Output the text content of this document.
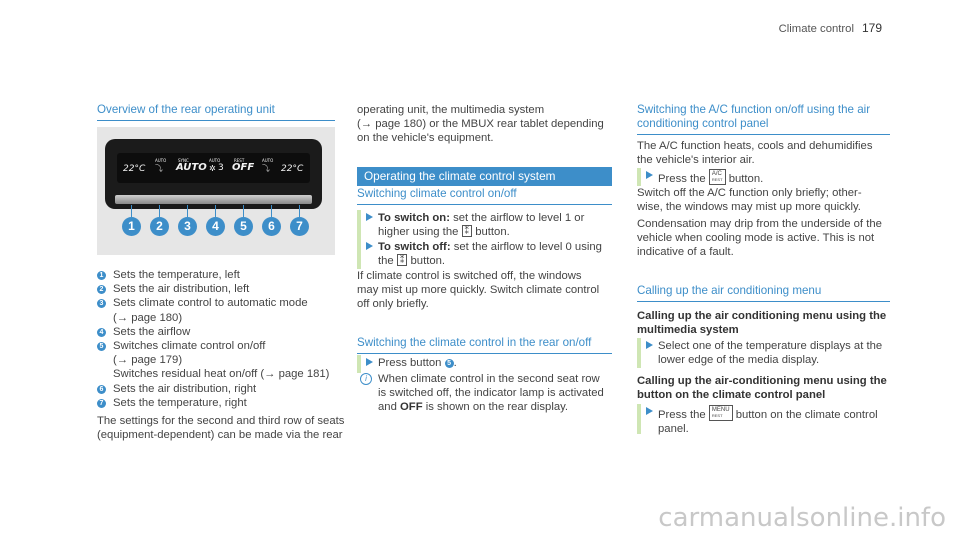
Climate control 179
Overview of the rear operating unit
22°C ⤵
SYNC
AUTO
AUTO
AUTO
✲ 3
REST
OFF
AUTO
⤵ 22°C
1	2	3	4	5	6	7
1 Sets the temperature, left
2 Sets the air distribution, left
3 Sets climate control to automatic mode
(→ page 180)
4 Sets the airflow
5 Switches climate control on/off
(→ page 179)
Switches residual heat on/off (→ page 181)
6 Sets the air distribution, right
7 Sets the temperature, right
The settings for the second and third row of seats
(equipment-dependent) can be made via the rear
operating unit, the multimedia system
(→ page 180) or the MBUX rear tablet depending
on the vehicle's equipment.
Operating the climate control system
Switching climate control on/off
To switch on: set the airflow to level 1 or
higher using the ⁑ button.
To switch off: set the airflow to level 0 using
the ⁑ button.
If climate control is switched off, the windows
may mist up more quickly. Switch climate control
off only briefly.
Switching the climate control in the rear on/off
Press button 5 .
i When climate control in the second seat row
is switched off, the indicator lamp is activated
and OFF is shown on the rear display.
Switching the A/C function on/off using the air
conditioning control panel
The A/C function heats, cools and dehumidifies
the vehicle's interior air.
Press the A/C
REST button.
Switch off the A/C function only briefly; other-
wise, the windows may mist up more quickly.
Condensation may drip from the underside of the
vehicle when cooling mode is active. This is not
indicative of a fault.
Calling up the air conditioning menu
Calling up the air conditioning menu using the
multimedia system
Select one of the temperature displays at the
lower edge of the media display.
Calling up the air-conditioning menu using the
button on the climate control panel
Press the MENU
REST button on the climate control
panel.
carmanualsonline.info
